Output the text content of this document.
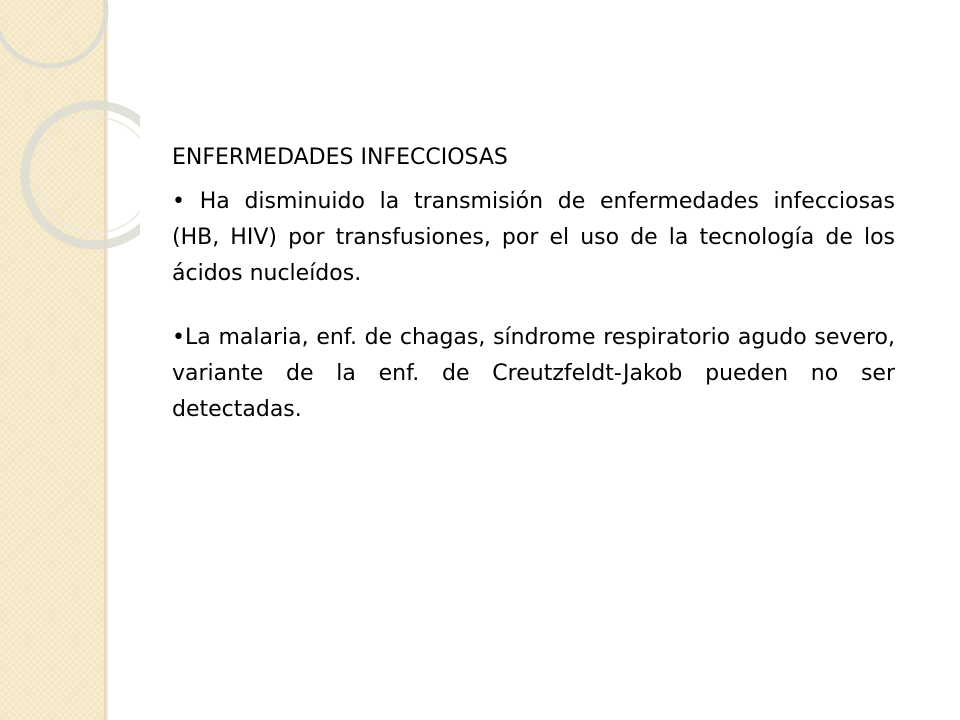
ENFERMEDADES INFECCIOSAS

• Ha disminuido la transmisión de enfermedades infecciosas (HB, HIV) por transfusiones, por el uso de la tecnología de los ácidos nucleídos.

•La malaria, enf. de chagas, síndrome respiratorio agudo severo, variante de la enf. de Creutzfeldt-Jakob pueden no ser detectadas.
